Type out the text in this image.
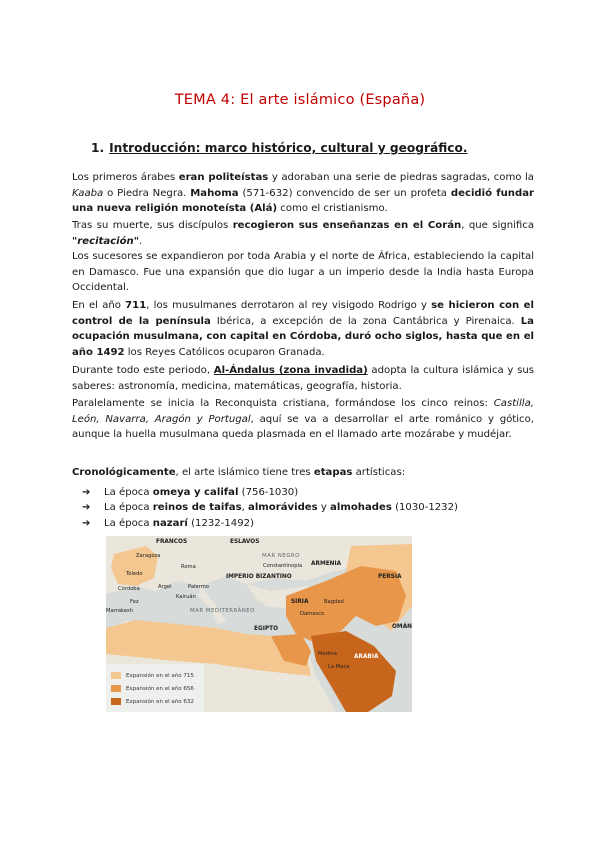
TEMA 4: El arte islámico (España)
1. Introducción: marco histórico, cultural y geográfico.
Los primeros árabes eran politeístas y adoraban una serie de piedras sagradas, como la Kaaba o Piedra Negra. Mahoma (571-632) convencido de ser un profeta decidió fundar una nueva religión monoteísta (Alá) como el cristianismo.
Tras su muerte, sus discípulos recogieron sus enseñanzas en el Corán, que significa "recitación".
Los sucesores se expandieron por toda Arabia y el norte de África, estableciendo la capital en Damasco. Fue una expansión que dio lugar a un imperio desde la India hasta Europa Occidental.
En el año 711, los musulmanes derrotaron al rey visigodo Rodrigo y se hicieron con el control de la península Ibérica, a excepción de la zona Cantábrica y Pirenaica. La ocupación musulmana, con capital en Córdoba, duró ocho siglos, hasta que en el año 1492 los Reyes Católicos ocuparon Granada.
Durante todo este periodo, Al-Ándalus (zona invadida) adopta la cultura islámica y sus saberes: astronomía, medicina, matemáticas, geografía, historia.
Paralelamente se inicia la Reconquista cristiana, formándose los cinco reinos: Castilla, León, Navarra, Aragón y Portugal, aquí se va a desarrollar el arte románico y gótico, aunque la huella musulmana queda plasmada en el llamado arte mozárabe y mudéjar.
Cronológicamente, el arte islámico tiene tres etapas artísticas:
➔	La época omeya y califal (756-1030)
➔	La época reinos de taifas, almorávides y almohades (1030-1232)
➔	La época nazarí (1232-1492)
Expansión en el año 715
Expansión en el año 656
Expansión en el año 632
FRANCOS	ESLAVOS
MAR NEGRO
Constantinopla ARMENIA
PERSIA
IMPERIO BIZANTINO
Zaragoza
Toledo
Córdoba
Roma
Palermo
Argel
Kairuán
Fez
Marrakesh	MAR MEDITERRÁNEO
SIRIA
Damasco
Bagdad
EGIPTO
Medina
La Meca
ARABIA
OMÁN
